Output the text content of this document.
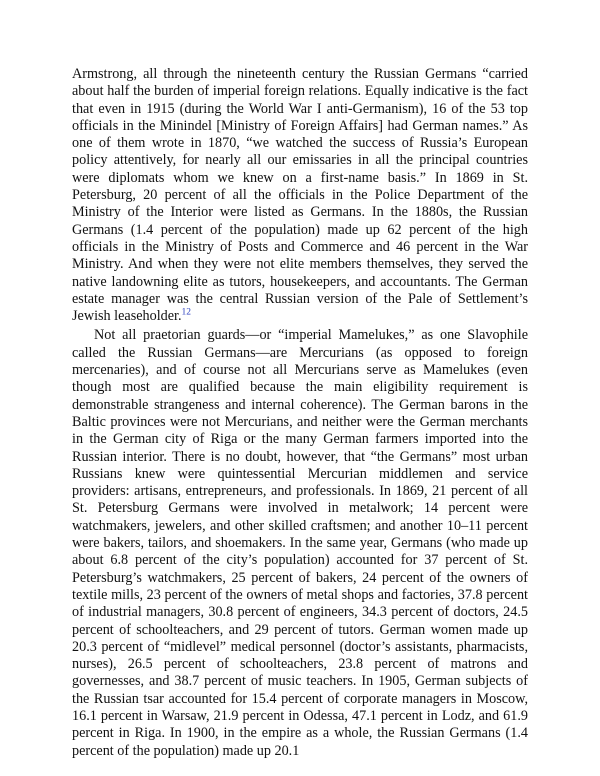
Armstrong, all through the nineteenth century the Russian Germans “carried about half the burden of imperial foreign relations. Equally indicative is the fact that even in 1915 (during the World War I anti-Germanism), 16 of the 53 top officials in the Minindel [Ministry of Foreign Affairs] had German names.” As one of them wrote in 1870, “we watched the success of Russia’s European policy attentively, for nearly all our emissaries in all the principal countries were diplomats whom we knew on a first-name basis.” In 1869 in St. Petersburg, 20 percent of all the officials in the Police Department of the Ministry of the Interior were listed as Germans. In the 1880s, the Russian Germans (1.4 percent of the population) made up 62 percent of the high officials in the Ministry of Posts and Commerce and 46 percent in the War Ministry. And when they were not elite members themselves, they served the native landowning elite as tutors, housekeepers, and accountants. The German estate manager was the central Russian version of the Pale of Settlement’s Jewish leaseholder.$^{12}$

Not all praetorian guards—or “imperial Mamelukes,” as one Slavophile called the Russian Germans—are Mercurians (as opposed to foreign mercenaries), and of course not all Mercurians serve as Mamelukes (even though most are qualified because the main eligibility requirement is demonstrable strangeness and internal coherence). The German barons in the Baltic provinces were not Mercurians, and neither were the German merchants in the German city of Riga or the many German farmers imported into the Russian interior. There is no doubt, however, that “the Germans” most urban Russians knew were quintessential Mercurian middlemen and service providers: artisans, entrepreneurs, and professionals. In 1869, 21 percent of all St. Petersburg Germans were involved in metalwork; 14 percent were watchmakers, jewelers, and other skilled craftsmen; and another 10–11 percent were bakers, tailors, and shoemakers. In the same year, Germans (who made up about 6.8 percent of the city’s population) accounted for 37 percent of St. Petersburg’s watchmakers, 25 percent of bakers, 24 percent of the owners of textile mills, 23 percent of the owners of metal shops and factories, 37.8 percent of industrial managers, 30.8 percent of engineers, 34.3 percent of doctors, 24.5 percent of schoolteachers, and 29 percent of tutors. German women made up 20.3 percent of “midlevel” medical personnel (doctor’s assistants, pharmacists, nurses), 26.5 percent of schoolteachers, 23.8 percent of matrons and governesses, and 38.7 percent of music teachers. In 1905, German subjects of the Russian tsar accounted for 15.4 percent of corporate managers in Moscow, 16.1 percent in Warsaw, 21.9 percent in Odessa, 47.1 percent in Lodz, and 61.9 percent in Riga. In 1900, in the empire as a whole, the Russian Germans (1.4 percent of the population) made up 20.1
